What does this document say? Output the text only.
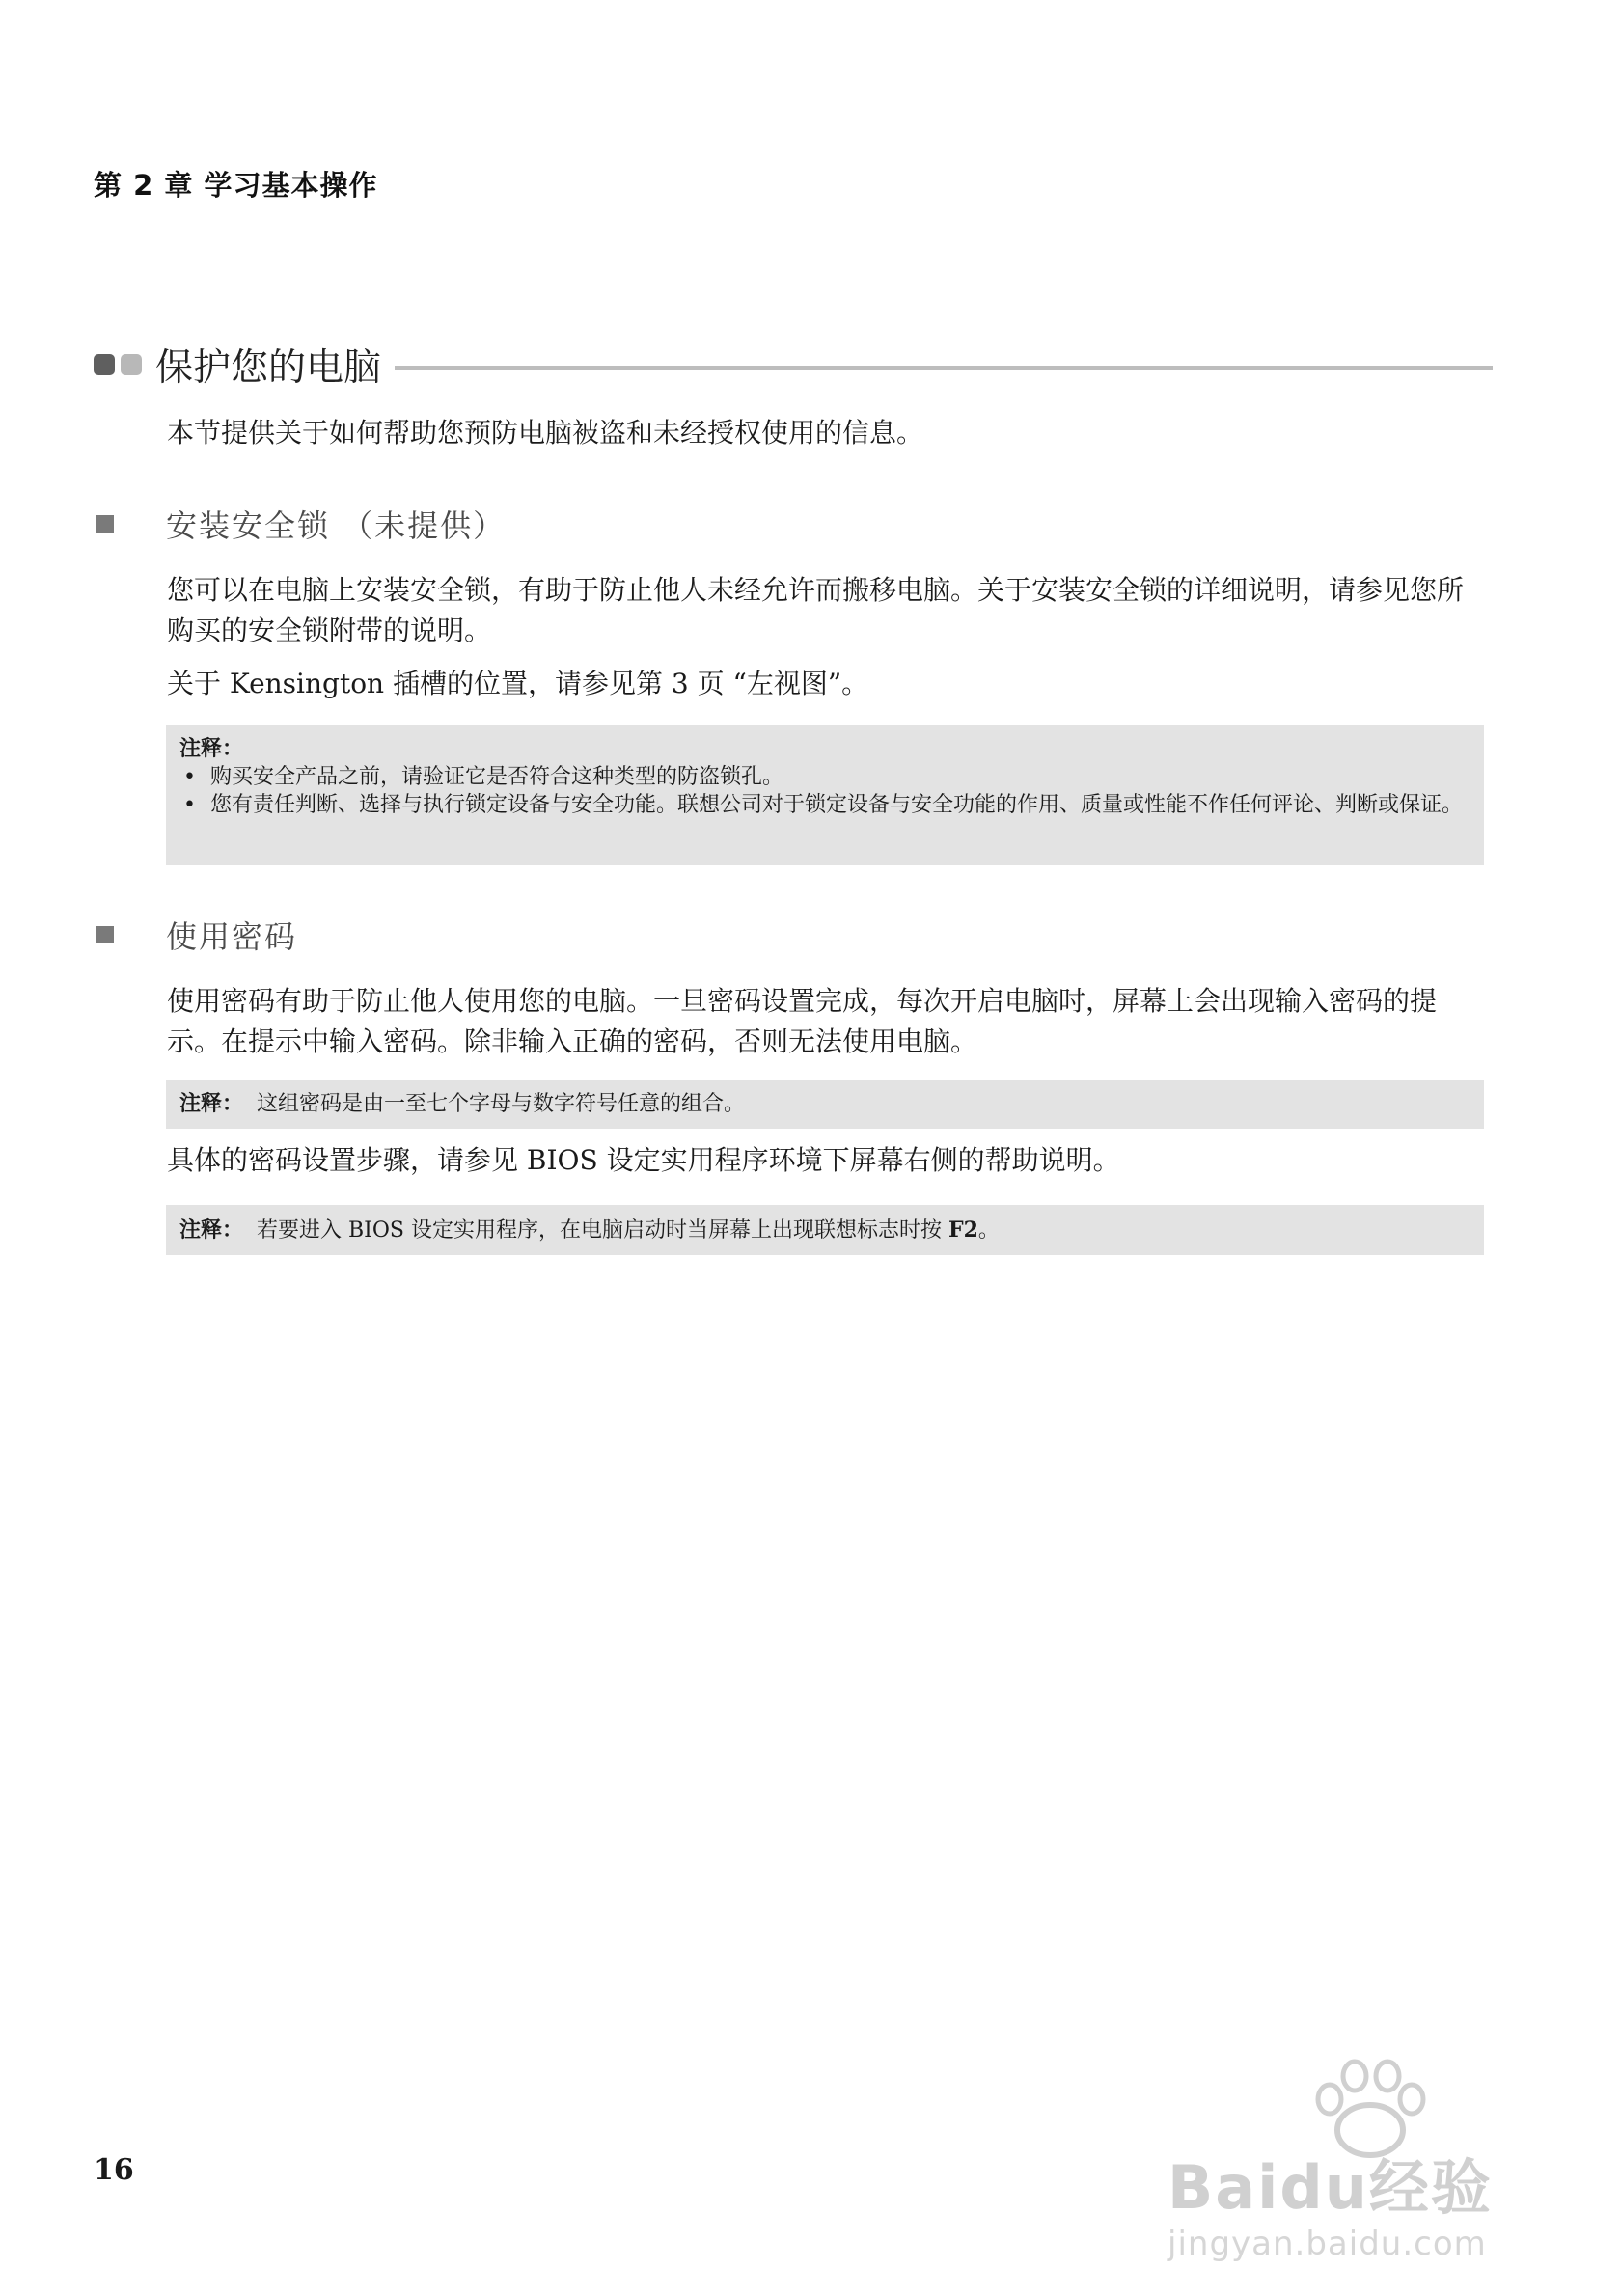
第 2 章 学习基本操作
保护您的电脑

本节提供关于如何帮助您预防电脑被盗和未经授权使用的信息。

安装安全锁 （未提供）

您可以在电脑上安装安全锁，有助于防止他人未经允许而搬移电脑。关于安装安全锁的详细说明，请参见您所购买的安全锁附带的说明。

关于 Kensington 插槽的位置，请参见第 3 页 “左视图”。

注释：
• 购买安全产品之前，请验证它是否符合这种类型的防盗锁孔。
• 您有责任判断、选择与执行锁定设备与安全功能。联想公司对于锁定设备与安全功能的作用、质量或性能不作任何评论、判断或保证。
使用密码

使用密码有助于防止他人使用您的电脑。一旦密码设置完成，每次开启电脑时，屏幕上会出现输入密码的提示。在提示中输入密码。除非输入正确的密码，否则无法使用电脑。

注释： 这组密码是由一至七个字母与数字符号任意的组合。

具体的密码设置步骤，请参见 BIOS 设定实用程序环境下屏幕右侧的帮助说明。

注释： 若要进入 BIOS 设定实用程序，在电脑启动时当屏幕上出现联想标志时按 F2。
16	Baidu经验
jingyan.baidu.com
